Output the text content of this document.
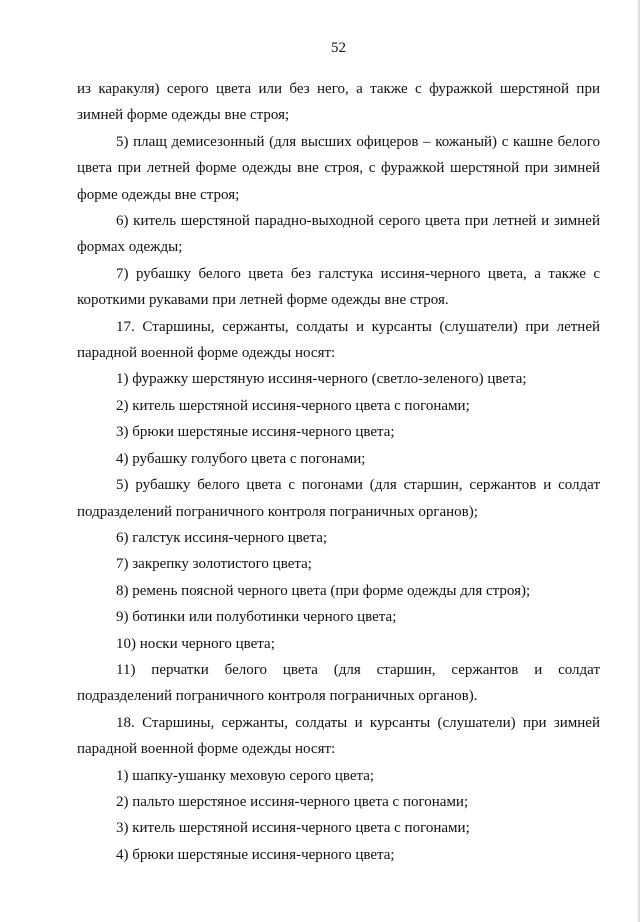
52

из каракуля) серого цвета или без него, а также с фуражкой шерстяной при зимней форме одежды вне строя;

5) плащ демисезонный (для высших офицеров – кожаный) с кашне белого цвета при летней форме одежды вне строя, с фуражкой шерстяной при зимней форме одежды вне строя;

6) китель шерстяной парадно-выходной серого цвета при летней и зимней формах одежды;

7) рубашку белого цвета без галстука иссиня-черного цвета, а также с короткими рукавами при летней форме одежды вне строя.

17. Старшины, сержанты, солдаты и курсанты (слушатели) при летней парадной военной форме одежды носят:

1) фуражку шерстяную иссиня-черного (светло-зеленого) цвета;

2) китель шерстяной иссиня-черного цвета с погонами;

3) брюки шерстяные иссиня-черного цвета;

4) рубашку голубого цвета с погонами;

5) рубашку белого цвета с погонами (для старшин, сержантов и солдат подразделений пограничного контроля пограничных органов);

6) галстук иссиня-черного цвета;

7) закрепку золотистого цвета;

8) ремень поясной черного цвета (при форме одежды для строя);

9) ботинки или полуботинки черного цвета;

10) носки черного цвета;

11) перчатки белого цвета (для старшин, сержантов и солдат подразделений пограничного контроля пограничных органов).

18. Старшины, сержанты, солдаты и курсанты (слушатели) при зимней парадной военной форме одежды носят:

1) шапку-ушанку меховую серого цвета;

2) пальто шерстяное иссиня-черного цвета с погонами;

3) китель шерстяной иссиня-черного цвета с погонами;

4) брюки шерстяные иссиня-черного цвета;
